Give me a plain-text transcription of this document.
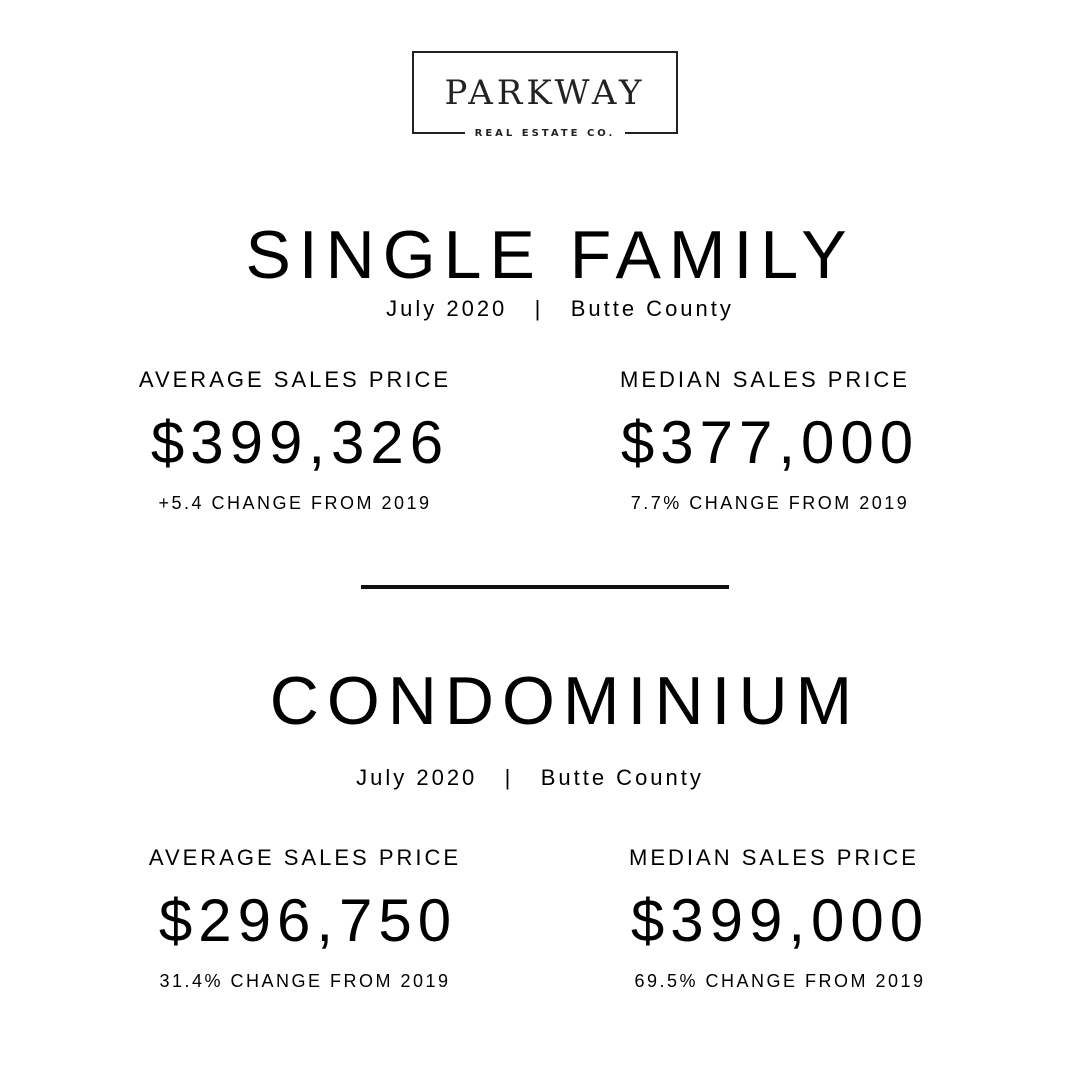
PARKWAY
REAL ESTATE CO.
SINGLE FAMILY
July 2020 | Butte County
AVERAGE SALES PRICE
$399,326
+5.4 CHANGE FROM 2019
MEDIAN SALES PRICE
$377,000
7.7% CHANGE FROM 2019
CONDOMINIUM
July 2020 | Butte County
AVERAGE SALES PRICE
$296,750
31.4% CHANGE FROM 2019
MEDIAN SALES PRICE
$399,000
69.5% CHANGE FROM 2019
